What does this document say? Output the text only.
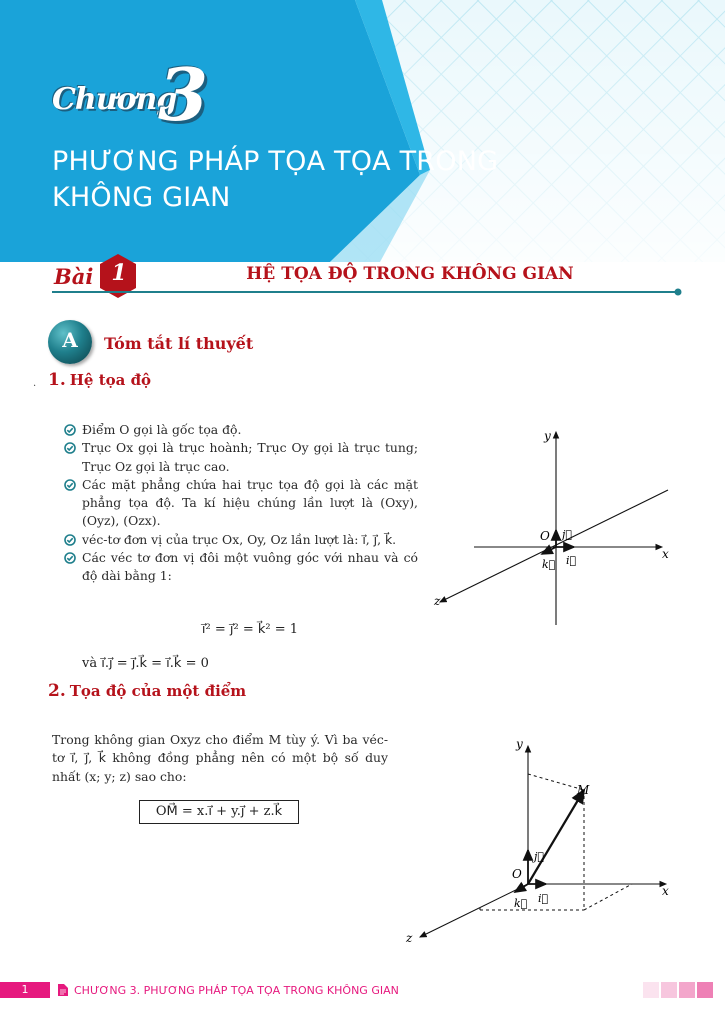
Chương
3
PHƯƠNG PHÁP TỌA TỌA TRONG
KHÔNG GIAN
Bài 1	HỆ TỌA ĐỘ TRONG KHÔNG GIAN
A	Tóm tắt lí thuyết
. 1. Hệ tọa độ
Điểm O gọi là gốc tọa độ.
Trục Ox gọi là trục hoành; Trục Oy gọi là trục tung; Trục Oz gọi là trục cao.
Các mặt phẳng chứa hai trục tọa độ gọi là các mặt phẳng tọa độ. Ta kí hiệu chúng lần lượt là (Oxy), (Oyz), (Ozx).
véc-tơ đơn vị của trục Ox, Oy, Oz lần lượt là: i⃗, j⃗, k⃗.
Các véc tơ đơn vị đôi một vuông góc với nhau và có độ dài bằng 1:
i⃗² = j⃗² = k⃗² = 1
và i⃗.j⃗ = j⃗.k⃗ = i⃗.k⃗ = 0
y
x
z
O j⃗
i⃗
k⃗
2. Tọa độ của một điểm
Trong không gian Oxyz cho điểm M tùy ý. Vì ba véc-tơ i⃗, j⃗, k⃗ không đồng phẳng nên có một bộ số duy nhất (x; y; z) sao cho:
OM⃗ = x.i⃗ + y.j⃗ + z.k⃗
y
x
z
O
M
j⃗
i⃗
k⃗
1	CHƯƠNG 3. PHƯƠNG PHÁP TỌA TỌA TRONG KHÔNG GIAN
